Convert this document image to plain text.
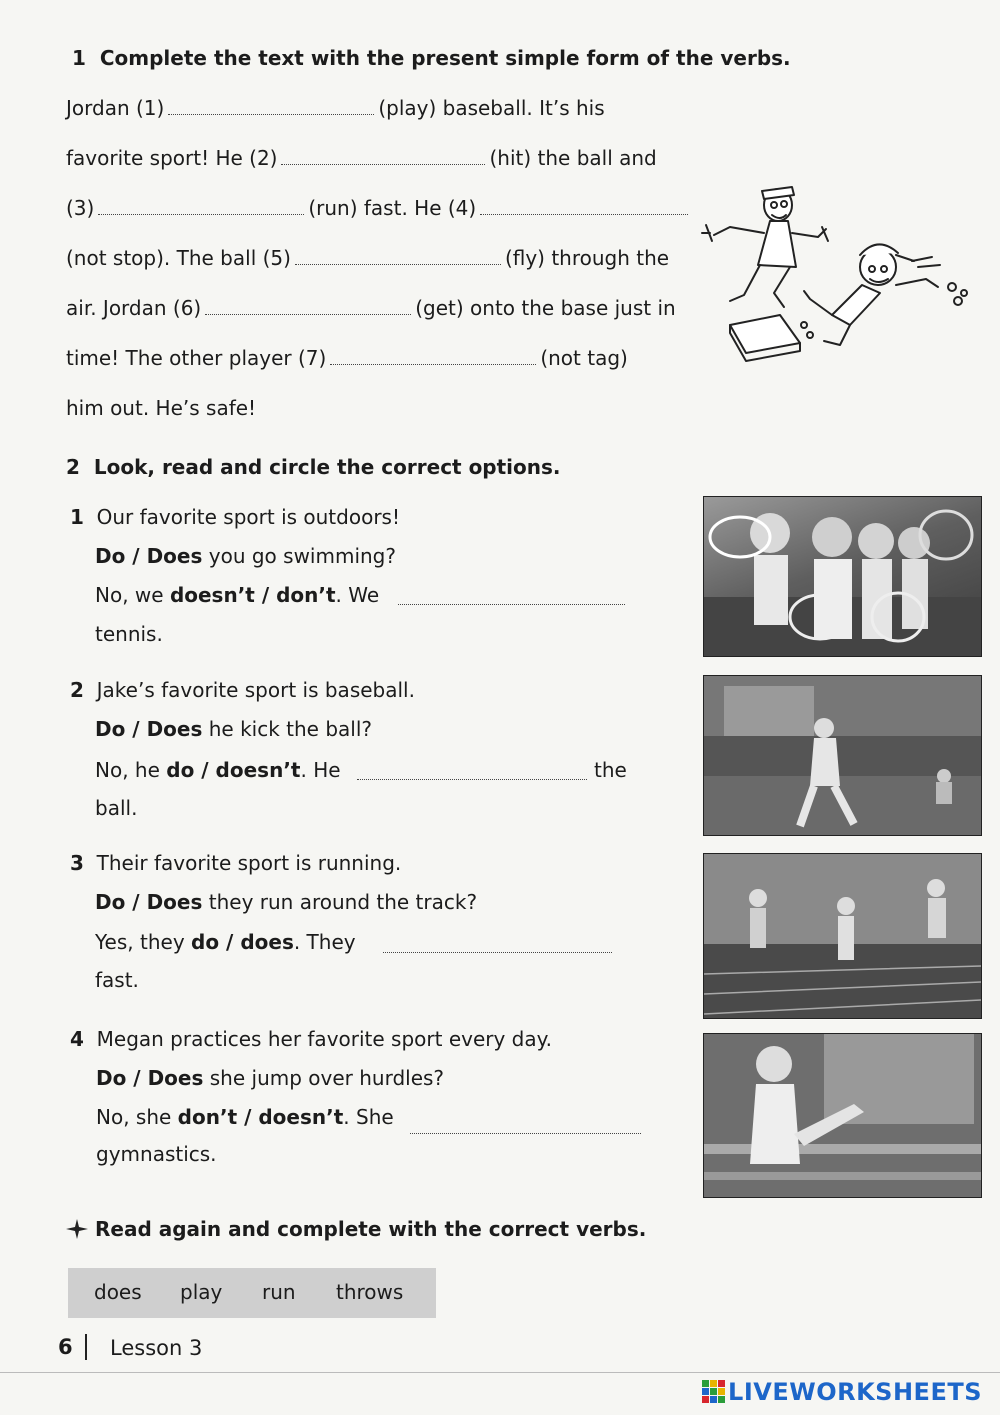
1 Complete the text with the present simple form of the verbs.
Jordan (1)	(play) baseball. It’s his
favorite sport! He (2)	(hit) the ball and
(3)	(run) fast. He (4)
(not stop). The ball (5)	(fly) through the
air. Jordan (6)	(get) onto the base just in
time! The other player (7)	(not tag)
him out. He’s safe!
2 Look, read and circle the correct options.
1 Our favorite sport is outdoors!
Do / Does you go swimming?
No, we doesn’t / don’t. We
tennis.
2 Jake’s favorite sport is baseball.
Do / Does he kick the ball?
No, he do / doesn’t. He	the
ball.
3 Their favorite sport is running.
Do / Does they run around the track?
Yes, they do / does. They
fast.
4 Megan practices her favorite sport every day.
Do / Does she jump over hurdles?
No, she don’t / doesn’t. She
gymnastics.
Read again and complete with the correct verbs.
does play run throws
6 Lesson 3
LIVEWORKSHEETS
